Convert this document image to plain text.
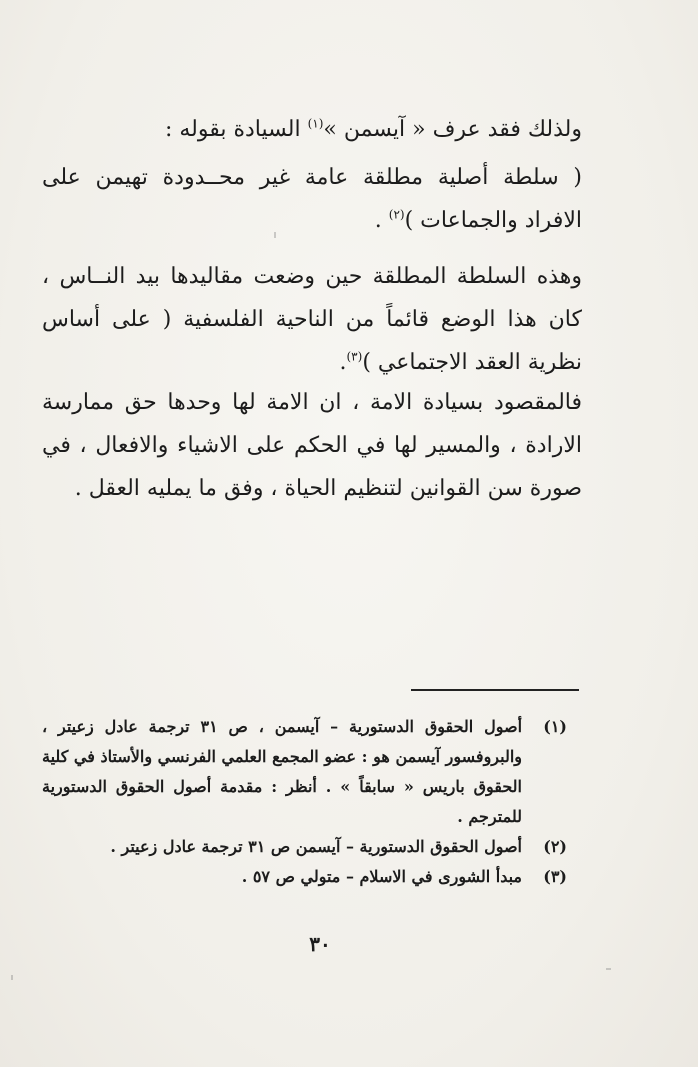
ولذلك فقد عرف « آيسمن »$^{(١)}$ السيادة بقوله :

( سلطة أصلية مطلقة عامة غير محــدودة تهيمن على الافراد والجماعات )$^{(٢)}$ .

وهذه السلطة المطلقة حين وضعت مقاليدها بيد النــاس ، كان هذا الوضع قائماً من الناحية الفلسفية ( على أساس نظرية العقد الاجتماعي )$^{(٣)}$.

فالمقصود بسيادة الامة ، ان الامة لها وحدها حق ممارسة الارادة ، والمسير لها في الحكم على الاشياء والافعال ، في صورة سن القوانين لتنظيم الحياة ، وفق ما يمليه العقل .

(١)
أصول الحقوق الدستورية – آيسمن ، ص ٣١ ترجمة عادل زعيتر ، والبروفسور آيسمن هو : عضو المجمع العلمي الفرنسي والأستاذ في كلية الحقوق باريس « سابقاً » . أنظر : مقدمة أصول الحقوق الدستورية للمترجم .
(٢)
أصول الحقوق الدستورية – آيسمن ص ٣١ ترجمة عادل زعيتر .
(٣)
مبدأ الشورى في الاسلام – متولي ص ٥٧ .
٣٠
